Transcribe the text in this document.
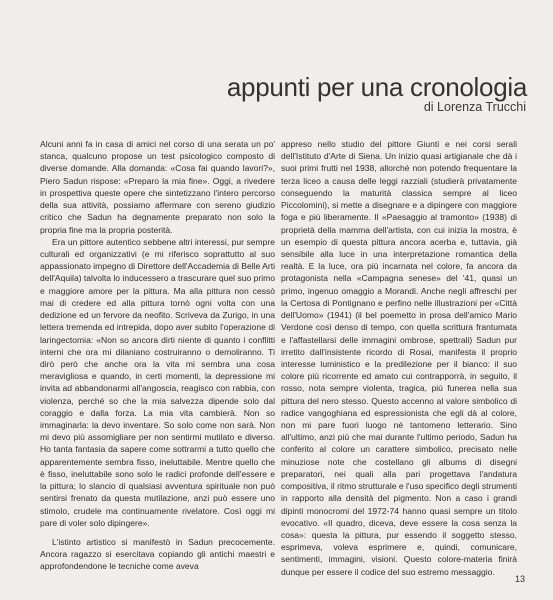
appunti per una cronologia
di Lorenza Trucchi

Alcuni anni fa in casa di amici nel corso di una serata un po' stanca, qualcuno propose un test psicologico composto di diverse domande. Alla domanda: «Cosa fai quando lavori?», Piero Sadun rispose: «Preparo la mia fine». Oggi, a rivedere in prospettiva queste opere che sintetizzano l'intero percorso della sua attività, possiamo affermare con sereno giudizio critico che Sadun ha degnamente preparato non solo la propria fine ma la propria posterità.

Era un pittore autentico sebbene altri interessi, pur sempre culturali ed organizzativi (e mi riferisco soprattutto al suo appassionato impegno di Direttore dell'Accademia di Belle Arti dell'Aquila) talvolta lo inducessero a trascurare quel suo primo e maggiore amore per la pittura. Ma alla pittura non cessò mai di credere ed alla pittura tornò ogni volta con una dedizione ed un fervore da neofito. Scriveva da Zurigo, in una lettera tremenda ed intrepida, dopo aver subito l'operazione di laringectomia: «Non so ancora dirti niente di quanto i conflitti interni che ora mi dilaniano costruiranno o demoliranno. Ti dirò però che anche ora la vita mi sembra una cosa meravigliosa e quando, in certi momenti, la depressione mi invita ad abbandonarmi all'angoscia, reagisco con rabbia, con violenza, perché so che la mia salvezza dipende solo dal coraggio e dalla forza. La mia vita cambierà. Non so immaginarla: la devo inventare. So solo come non sarà. Non mi devo più assomigliare per non sentirmi mutilato e diverso. Ho tanta fantasia da sapere come sottrarmi a tutto quello che apparentemente sembra fisso, ineluttabile. Mentre quello che è fisso, ineluttabile sono solo le radici profonde dell'essere e la pittura; lo slancio di qualsiasi avventura spirituale non può sentirsi frenato da questa mutilazione, anzi può essere uno stimolo, crudele ma continuamente rivelatore. Così oggi mi pare di voler solo dipingere».

L'istinto artistico si manifestò in Sadun precocemente. Ancora ragazzo si esercitava copiando gli antichi maestri e approfondendone le tecniche come aveva

appreso nello studio del pittore Giunti e nei corsi serali dell'Istituto d'Arte di Siena. Un inizio quasi artigianale che dà i suoi primi frutti nel 1938, allorché non potendo frequentare la terza liceo a causa delle leggi razziali (studierà privatamente conseguendo la maturità classica sempre al liceo Piccolomini), si mette a disegnare e a dipingere con maggiore foga e più liberamente. Il «Paesaggio al tramonto» (1938) di proprietà della mamma dell'artista, con cui inizia la mostra, è un esempio di questa pittura ancora acerba e, tuttavia, già sensibile alla luce in una interpretazione romantica della realtà. E la luce, ora più incarnata nel colore, fa ancora da protagonista nella «Campagna senese» del '41, quasi un primo, ingenuo omaggio a Morandi. Anche negli affreschi per la Certosa di Pontignano e perfino nelle illustrazioni per «Città dell'Uomo» (1941) (il bel poemetto in prosa dell'amico Mario Verdone così denso di tempo, con quella scrittura frantumata e l'affastellarsi delle immagini ombrose, spettrali) Sadun pur irretito dall'insistente ricordo di Rosai, manifesta il proprio interesse luministico e la predilezione per il bianco: il suo colore più ricorrente ed amato cui contrapporrà, in seguito, il rosso, nota sempre violenta, tragica, più funerea nella sua pittura del nero stesso. Questo accenno al valore simbolico di radice vangoghiana ed espressionista che egli dà al colore, non mi pare fuori luogo né tantomeno letterario. Sino all'ultimo, anzi più che mai durante l'ultimo periodo, Sadun ha conferito al colore un carattere simbolico, precisato nelle minuziose note che costellano gli albums di disegni preparatori, nei quali alla pari progettava l'andatura compositiva, il ritmo strutturale e l'uso specifico degli strumenti in rapporto alla densità del pigmento. Non a caso i grandi dipinti monocromi del 1972-74 hanno quasi sempre un titolo evocativo. «Il quadro, diceva, deve essere la cosa senza la cosa»: questa la pittura, pur essendo il soggetto stesso, esprimeva, voleva esprimere e, quindi, comunicare, sentimenti, immagini, visioni. Questo colore-materia finirà dunque per essere il codice del suo estremo messaggio.

13
